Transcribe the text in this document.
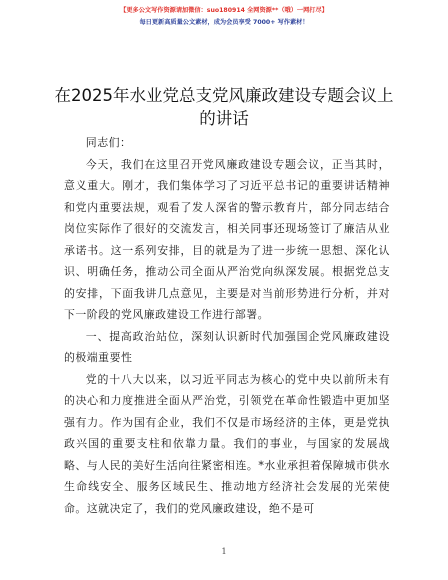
【更多公文写作资源请加微信：suo180914 全网资源**（哦）一网打尽】
每日更新高质量公文素材，成为会员享受 7000+ 写作素材！
在2025年水业党总支党风廉政建设专题会议上的讲话

同志们：

今天，我们在这里召开党风廉政建设专题会议，正当其时，意义重大。刚才，我们集体学习了习近平总书记的重要讲话精神和党内重要法规，观看了发人深省的警示教育片，部分同志结合岗位实际作了很好的交流发言，相关同事还现场签订了廉洁从业承诺书。这一系列安排，目的就是为了进一步统一思想、深化认识、明确任务，推动公司全面从严治党向纵深发展。根据党总支的安排，下面我讲几点意见，主要是对当前形势进行分析，并对下一阶段的党风廉政建设工作进行部署。

一、提高政治站位，深刻认识新时代加强国企党风廉政建设的极端重要性

党的十八大以来，以习近平同志为核心的党中央以前所未有的决心和力度推进全面从严治党，引领党在革命性锻造中更加坚强有力。作为国有企业，我们不仅是市场经济的主体，更是党执政兴国的重要支柱和依靠力量。我们的事业，与国家的发展战略、与人民的美好生活向往紧密相连。*水业承担着保障城市供水生命线安全、服务区域民生、推动地方经济社会发展的光荣使命。这就决定了，我们的党风廉政建设，绝不是可

1
